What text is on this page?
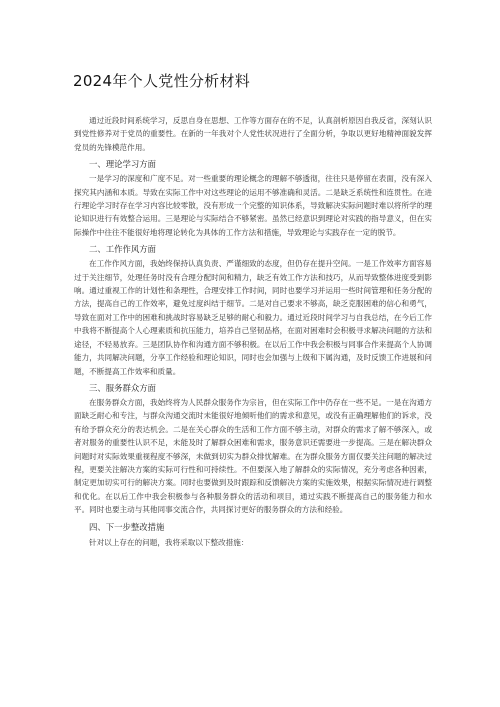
2024年个人党性分析材料

通过近段时间系统学习，反思自身在思想、工作等方面存在的不足，认真剖析原因自我反省，深刻认识到党性修养对于党员的重要性。在新的一年我对个人党性状况进行了全面分析，争取以更好地精神面貌发挥党员的先锋模范作用。

一、理论学习方面

一是学习的深度和广度不足。对一些重要的理论概念的理解不够透彻，往往只是停留在表面，没有深入探究其内涵和本质。导致在实际工作中对这些理论的运用不够准确和灵活。二是缺乏系统性和连贯性。在进行理论学习时存在学习内容比较零散，没有形成一个完整的知识体系，导致解决实际问题时难以将所学的理论知识进行有效整合运用。三是理论与实际结合不够紧密。虽然已经意识到理论对实践的指导意义，但在实际操作中往往不能很好地将理论转化为具体的工作方法和措施，导致理论与实践存在一定的脱节。

二、工作作风方面

在工作作风方面，我始终保持认真负责、严谨细致的态度，但仍存在提升空间。一是工作效率方面容易过于关注细节，处理任务时没有合理分配时间和精力，缺乏有效工作方法和技巧，从而导致整体进度受到影响。通过重视工作的计划性和条理性，合理安排工作时间，同时也要学习并运用一些时间管理和任务分配的方法，提高自己的工作效率，避免过度纠结于细节。二是对自己要求不够高，缺乏克服困难的信心和勇气，导致在面对工作中的困难和挑战时容易缺乏足够的耐心和毅力。通过近段时间学习与自我总结，在今后工作中我将不断提高个人心理素质和抗压能力，培养自己坚韧品格，在面对困难时会积极寻求解决问题的方法和途径，不轻易放弃。三是团队协作和沟通方面不够积极。在以后工作中我会积极与同事合作来提高个人协调能力，共同解决问题，分享工作经验和理论知识，同时也会加强与上级和下属沟通，及时反馈工作进展和问题，不断提高工作效率和质量。

三、服务群众方面

在服务群众方面，我始终将为人民群众服务作为宗旨，但在实际工作中仍存在一些不足。一是在沟通方面缺乏耐心和专注，与群众沟通交流时未能很好地倾听他们的需求和意见，或没有正确理解他们的诉求，没有给予群众充分的表达机会。二是在关心群众的生活和工作方面不够主动，对群众的需求了解不够深入，或者对服务的重要性认识不足，未能及时了解群众困难和需求，服务意识还需要进一步提高。三是在解决群众问题时对实际效果重视程度不够深，未做到切实为群众排忧解难。在为群众服务方面仅要关注问题的解决过程，更要关注解决方案的实际可行性和可持续性。不但要深入地了解群众的实际情况，充分考虑各种因素，制定更加切实可行的解决方案。同时也要做到及时跟踪和反馈解决方案的实施效果，根据实际情况进行调整和优化。在以后工作中我会积极参与各种服务群众的活动和项目，通过实践不断提高自己的服务能力和水平。同时也要主动与其他同事交流合作，共同探讨更好的服务群众的方法和经验。

四、下一步整改措施

针对以上存在的问题，我将采取以下整改措施：
